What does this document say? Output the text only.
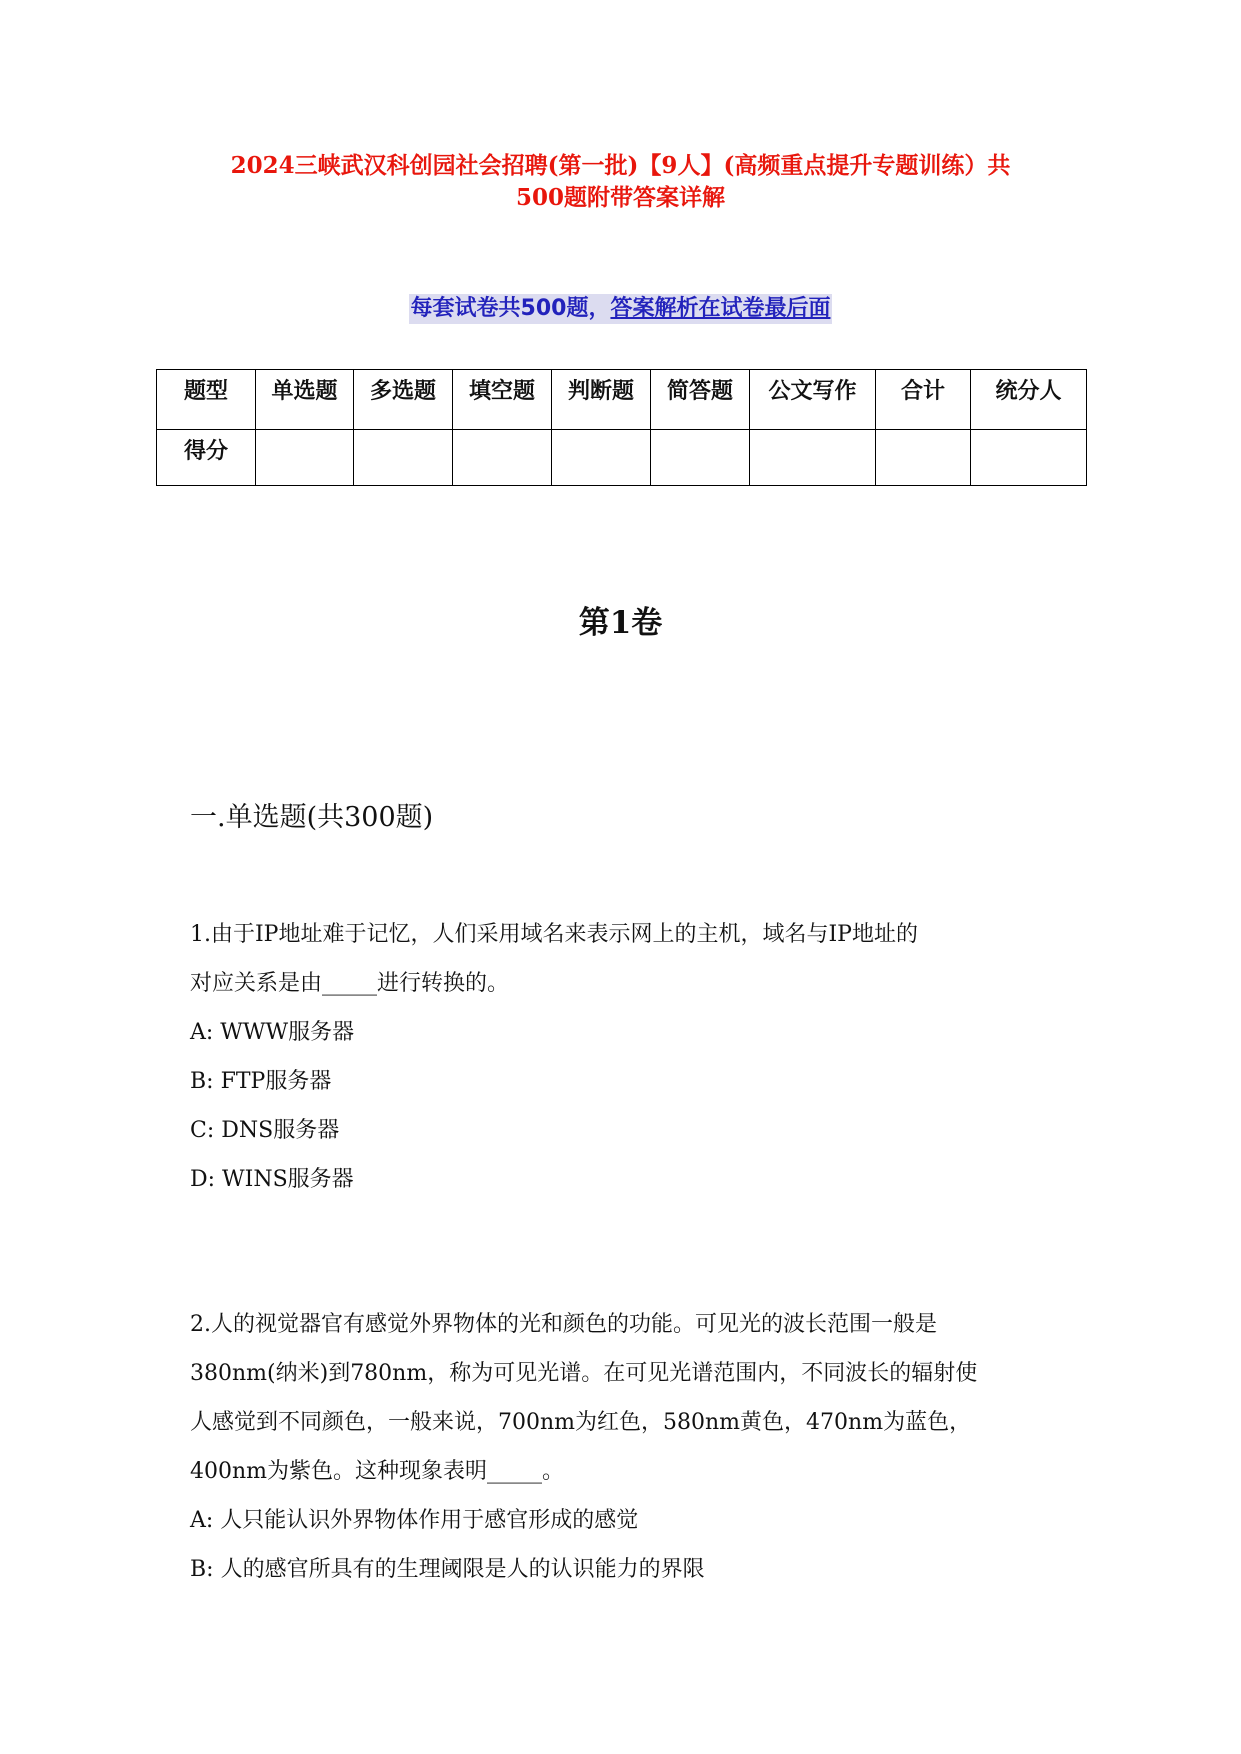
2024三峡武汉科创园社会招聘(第一批)【9人】(高频重点提升专题训练）共
500题附带答案详解
每套试卷共500题，答案解析在试卷最后面
题型	单选题	多选题	填空题	判断题	简答题	公文写作	合计	统分人
得分								
第1卷
一.单选题(共300题)

1.由于IP地址难于记忆，人们采用域名来表示网上的主机，域名与IP地址的

对应关系是由_____进行转换的。

A: WWW服务器

B: FTP服务器

C: DNS服务器

D: WINS服务器

2.人的视觉器官有感觉外界物体的光和颜色的功能。可见光的波长范围一般是

380nm(纳米)到780nm，称为可见光谱。在可见光谱范围内，不同波长的辐射使

人感觉到不同颜色，一般来说，700nm为红色，580nm黄色，470nm为蓝色，

400nm为紫色。这种现象表明_____。

A: 人只能认识外界物体作用于感官形成的感觉

B: 人的感官所具有的生理阈限是人的认识能力的界限
